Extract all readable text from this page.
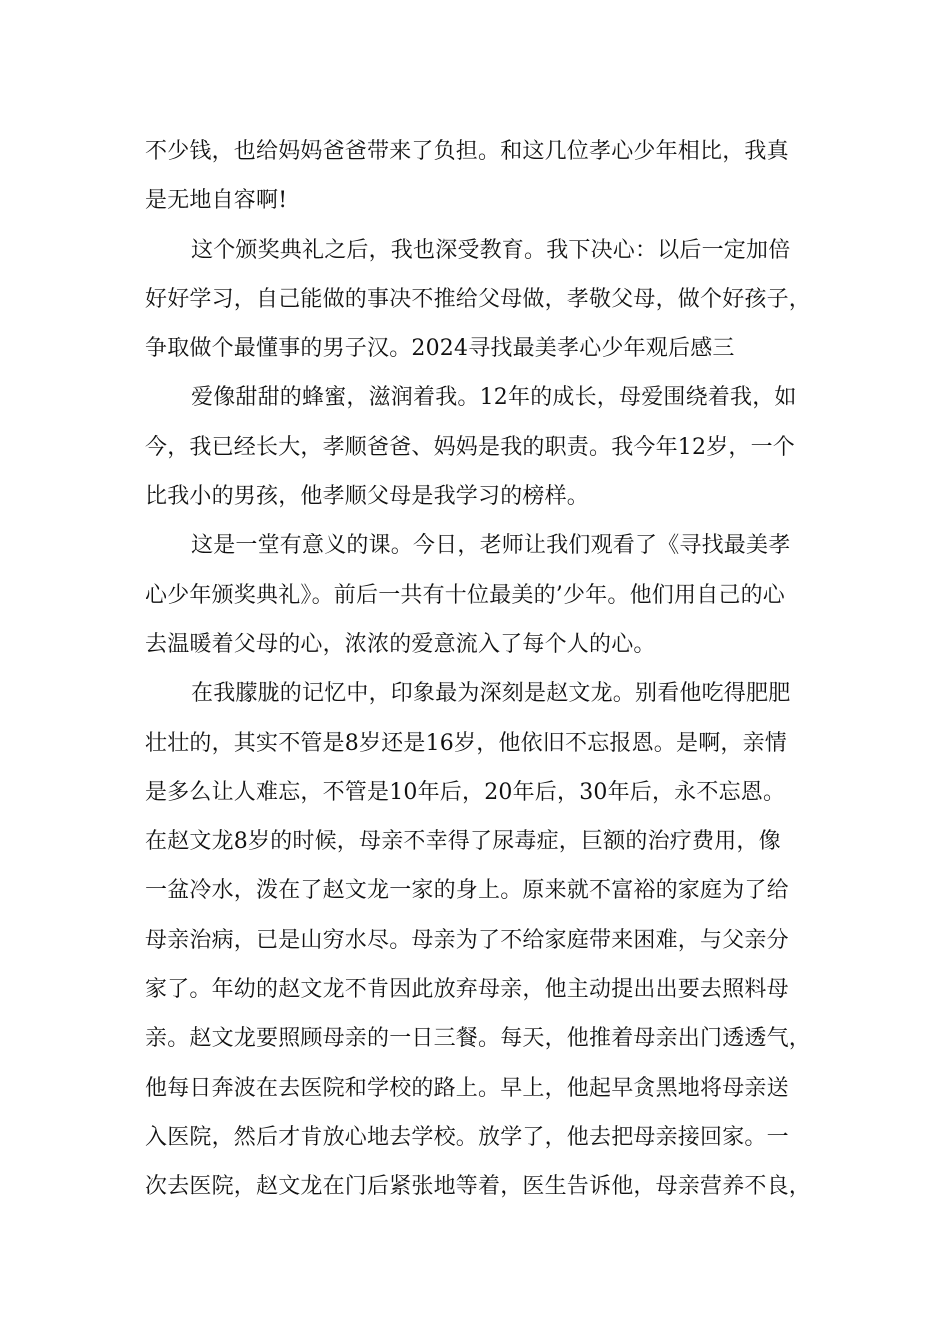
不少钱，也给妈妈爸爸带来了负担。和这几位孝心少年相比，我真
是无地自容啊!
这个颁奖典礼之后，我也深受教育。我下决心：以后一定加倍
好好学习，自己能做的事决不推给父母做，孝敬父母，做个好孩子，
争取做个最懂事的男子汉。2024寻找最美孝心少年观后感三
爱像甜甜的蜂蜜，滋润着我。12年的成长，母爱围绕着我，如
今，我已经长大，孝顺爸爸、妈妈是我的职责。我今年12岁，一个
比我小的男孩，他孝顺父母是我学习的榜样。
这是一堂有意义的课。今日，老师让我们观看了《寻找最美孝
心少年颁奖典礼》。前后一共有十位最美的’少年。他们用自己的心
去温暖着父母的心，浓浓的爱意流入了每个人的心。
在我朦胧的记忆中，印象最为深刻是赵文龙。别看他吃得肥肥
壮壮的，其实不管是8岁还是16岁，他依旧不忘报恩。是啊，亲情
是多么让人难忘，不管是10年后，20年后，30年后，永不忘恩。
在赵文龙8岁的时候，母亲不幸得了尿毒症，巨额的治疗费用，像
一盆冷水，泼在了赵文龙一家的身上。原来就不富裕的家庭为了给
母亲治病，已是山穷水尽。母亲为了不给家庭带来困难，与父亲分
家了。年幼的赵文龙不肯因此放弃母亲，他主动提出出要去照料母
亲。赵文龙要照顾母亲的一日三餐。每天，他推着母亲出门透透气，
他每日奔波在去医院和学校的路上。早上，他起早贪黑地将母亲送
入医院，然后才肯放心地去学校。放学了，他去把母亲接回家。一
次去医院，赵文龙在门后紧张地等着，医生告诉他，母亲营养不良，
